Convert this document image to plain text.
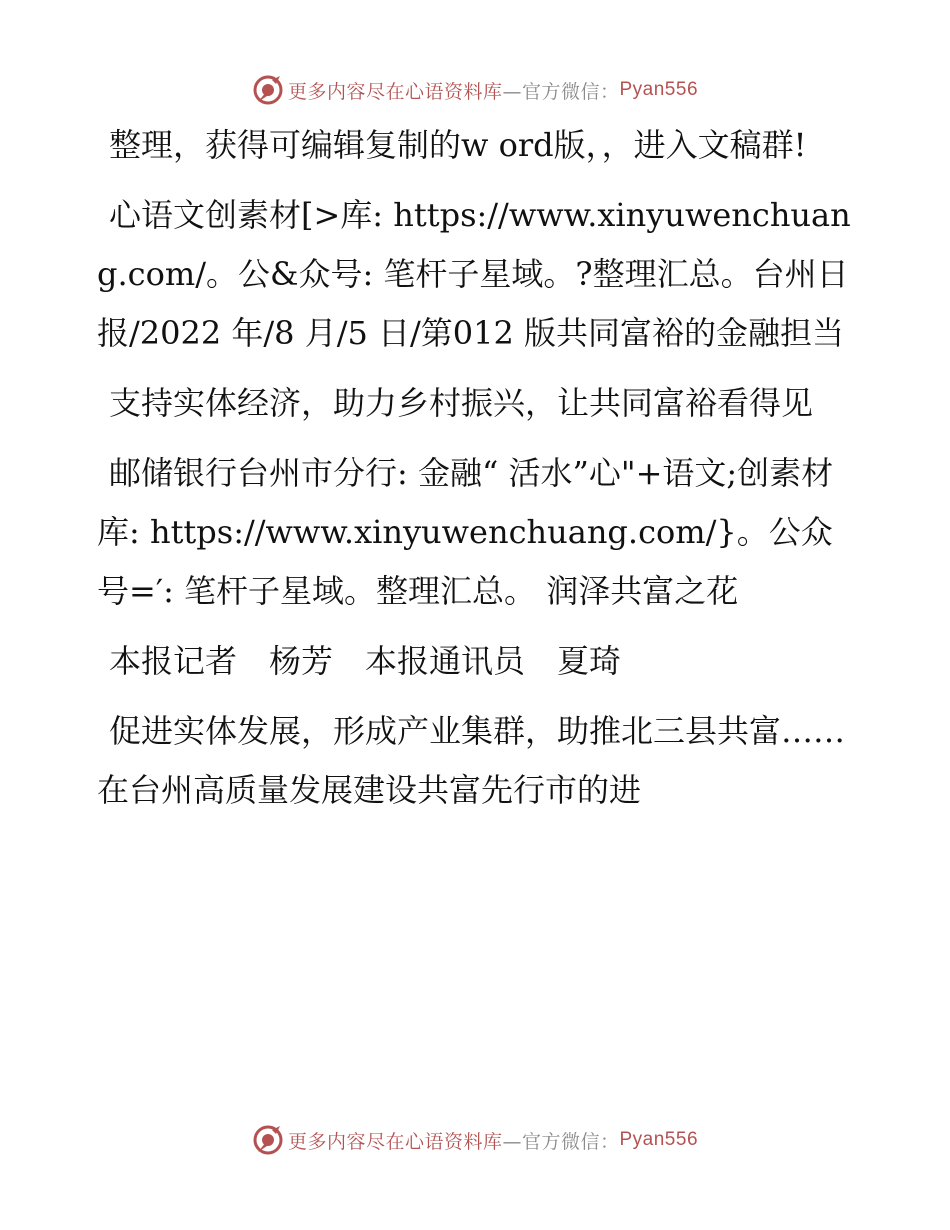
更多内容尽在心语资料库 —官方微信： Pyan556

整理，获得可编辑复制的w ord版，，进入文稿群!

心语文创素材[>库: https://www.xinyuwenchuang.com/。公&众号: 笔杆子星域。?整理汇总。台州日报/2022 年/8 月/5 日/第012 版共同富裕的金融担当

支持实体经济，助力乡村振兴，让共同富裕看得见

邮储银行台州市分行: 金融“ 活水”心"+语文;创素材库: https://www.xinyuwenchuang.com/}。公众号=′: 笔杆子星域。整理汇总。 润泽共富之花

本报记者　杨芳　本报通讯员　夏琦

促进实体发展，形成产业集群，助推北三县共富……在台州高质量发展建设共富先行市的进

更多内容尽在心语资料库 —官方微信： Pyan556
